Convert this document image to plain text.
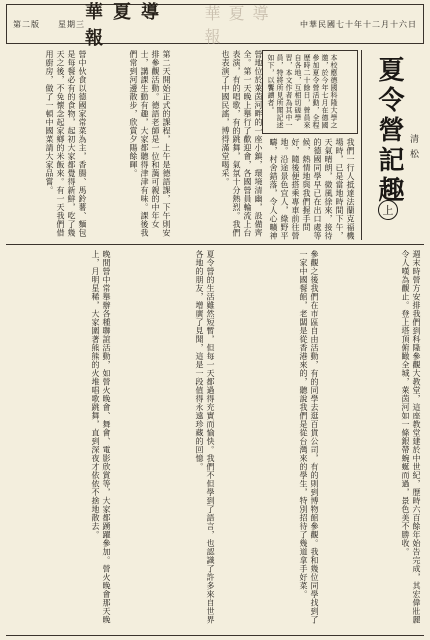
第二版 星期三
華夏導報
華夏導報
中華民國七十年十二月十六日
夏令營記趣 清松
上
本校應德國科隆大學之邀，於今年七月在德國參加夏令營活動，全程歷時二十餘日，營員來自各地，互相切磋學習，本文作者為其中一員，特將所見所聞記述如下，以饗讀者。
我們一行人抵達法蘭克福機場時，已是當地時間下午，天氣晴朗，微風徐來，接待的德國同學早已在出口處等候，熱情地與我們握手問好，隨後便搭乘專車前往營地。沿途景色宜人，綠野平疇，村舍錯落，令人心曠神
營地位於萊茵河畔的一座小鎮，環境清幽，設備齊全。第一天晚上舉行了歡迎會，各國營員輪流上台表演，有的唱歌，有的跳舞，氣氛十分熱烈。我們也表演了中國民謠，博得滿堂喝采。
第二天開始正式的課程，上午是德語課，下午則安排參觀活動。德語老師是一位和藹可親的中年女士，講課生動有趣，大家都聽得津津有味。課後我們常到河邊散步，欣賞夕陽餘暉。
營中伙食以德國家常菜為主，香腸、馬鈴薯、麵包是每餐必有的食物，起初大家都覺得新鮮，吃了幾天之後，不免懷念起家鄉的米飯來。有一天我們借用廚房，做了一頓中國菜請大家品嘗。
週末時營方安排我們到科隆參觀大教堂，這座教堂建於中世紀，歷時六百餘年始告完成，其宏偉壯麗令人嘆為觀止。登上塔頂俯瞰全城，萊茵河如一條銀帶蜿蜒而過，景色美不勝收。
參觀之後我們在市區自由活動，有的同學去逛百貨公司，有的則到博物館參觀。我和幾位同學找到了一家中國餐館，老闆是從香港來的，聽說我們是從台灣來的學生，特別招待了幾道拿手好菜。
夏令營的生活雖然短暫，但每一天都過得充實而愉快。我們不但學到了語言，也認識了許多來自世界各地的朋友，增廣了見聞，這是一段值得永遠珍藏的回憶。
晚間營中常舉辦各種聯誼活動，如營火晚會、舞會、電影欣賞等，大家都踴躍參加。營火晚會那天晚上，月明星稀，大家圍著熊熊的火堆唱歌跳舞，直到深夜才依依不捨地散去。
